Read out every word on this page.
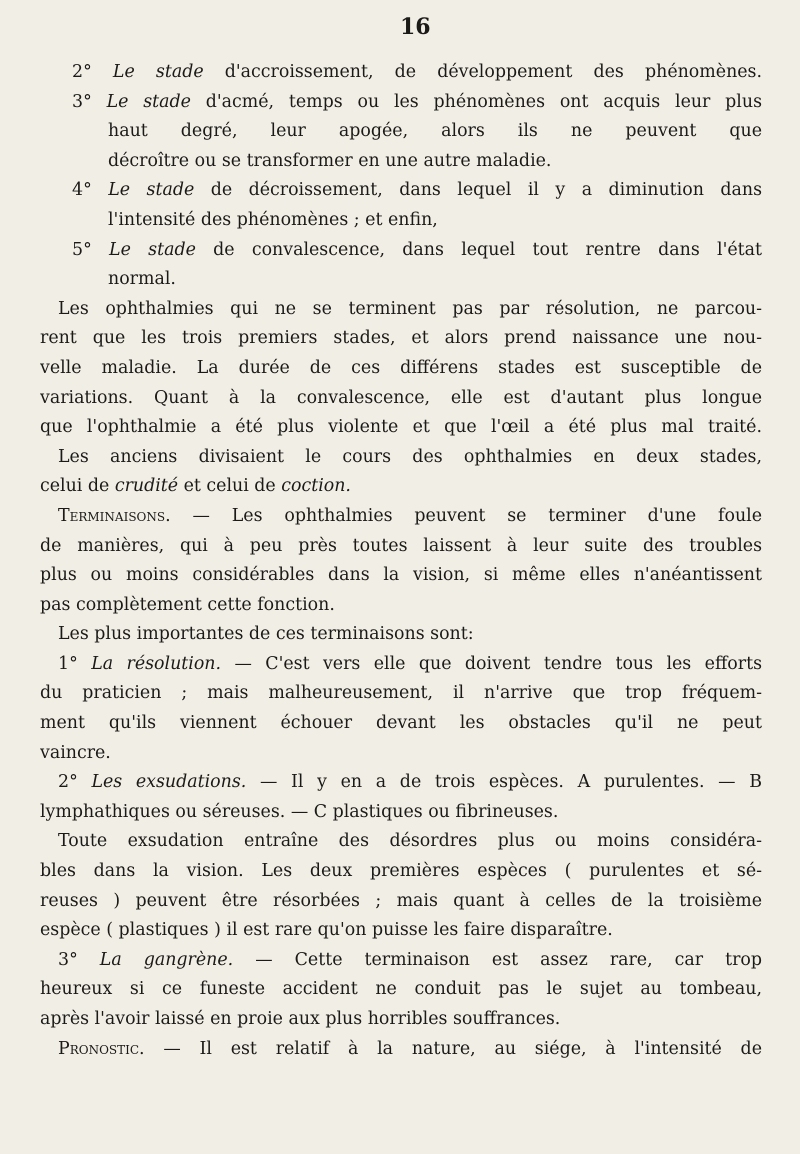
16
2° Le stade d'accroissement, de développement des phénomènes.
3° Le stade d'acmé, temps ou les phénomènes ont acquis leur plus
haut degré, leur apogée, alors ils ne peuvent que
décroître ou se transformer en une autre maladie.
4° Le stade de décroissement, dans lequel il y a diminution dans
l'intensité des phénomènes ; et enfin,
5° Le stade de convalescence, dans lequel tout rentre dans l'état
normal.
Les ophthalmies qui ne se terminent pas par résolution, ne parcou-
rent que les trois premiers stades, et alors prend naissance une nou-
velle maladie. La durée de ces différens stades est susceptible de
variations. Quant à la convalescence, elle est d'autant plus longue
que l'ophthalmie a été plus violente et que l'œil a été plus mal traité.
Les anciens divisaient le cours des ophthalmies en deux stades,
celui de crudité et celui de coction.
Terminaisons. — Les ophthalmies peuvent se terminer d'une foule
de manières, qui à peu près toutes laissent à leur suite des troubles
plus ou moins considérables dans la vision, si même elles n'anéantissent
pas complètement cette fonction.
Les plus importantes de ces terminaisons sont:
1° La résolution. — C'est vers elle que doivent tendre tous les efforts
du praticien ; mais malheureusement, il n'arrive que trop fréquem-
ment qu'ils viennent échouer devant les obstacles qu'il ne peut
vaincre.
2° Les exsudations. — Il y en a de trois espèces. A purulentes. — B
lymphathiques ou séreuses. — C plastiques ou fibrineuses.
Toute exsudation entraîne des désordres plus ou moins considéra-
bles dans la vision. Les deux premières espèces ( purulentes et sé-
reuses ) peuvent être résorbées ; mais quant à celles de la troisième
espèce ( plastiques ) il est rare qu'on puisse les faire disparaître.
3° La gangrène. — Cette terminaison est assez rare, car trop
heureux si ce funeste accident ne conduit pas le sujet au tombeau,
après l'avoir laissé en proie aux plus horribles souffrances.
Pronostic. — Il est relatif à la nature, au siége, à l'intensité de
